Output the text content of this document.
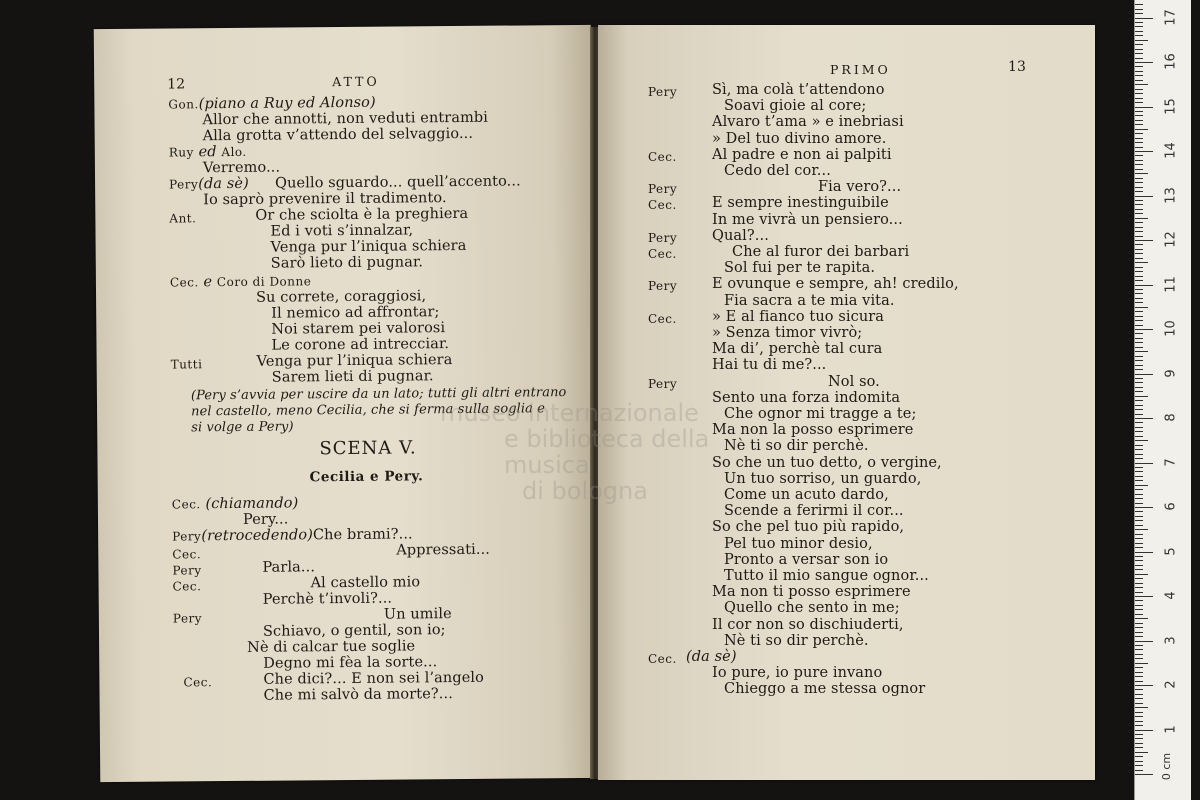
12	ATTO
Gon.(piano a Ruy ed Alonso)
Allor che annotti, non veduti entrambi
Alla grotta v’attendo del selvaggio...
Ruy ed Alo.
Verremo...
Pery(da sè) Quello sguardo... quell’accento...
Io saprò prevenire il tradimento.
Ant.	Or che sciolta è la preghiera
Ed i voti s’innalzar,
Venga pur l’iniqua schiera
Sarò lieto di pugnar.
Cec. e Coro di Donne
Su correte, coraggiosi,
Il nemico ad affrontar;
Noi starem pei valorosi
Le corone ad intrecciar.
Tutti	Venga pur l’iniqua schiera
Sarem lieti di pugnar.
(Pery s’avvia per uscire da un lato; tutti gli altri entrano
nel castello, meno Cecilia, che si ferma sulla soglia e
si volge a Pery)
SCENA V.
Cecilia e Pery.
Cec. (chiamando)
Pery...
Pery(retrocedendo)Che brami?...
Cec.	Appressati...
Pery	Parla...
Cec.	Al castello mio
Perchè t’involi?...
Pery	Un umile
Schiavo, o gentil, son io;
Nè di calcar tue soglie
Degno mi fèa la sorte...
Cec.	Che dici?... E non sei l’angelo
Che mi salvò da morte?...
PRIMO	13
Pery Sì, ma colà t’attendono
Soavi gioie al core;
Alvaro t’ama » e inebriasi
» Del tuo divino amore.
Cec. Al padre e non ai palpiti
Cedo del cor...
Pery	Fia vero?...
Cec. E sempre inestinguibile
In me vivrà un pensiero...
Pery Qual?...
Cec.	Che al furor dei barbari
Sol fui per te rapita.
Pery E ovunque e sempre, ah! credilo,
Fia sacra a te mia vita.
Cec. » E al fianco tuo sicura
» Senza timor vivrò;
Ma di’, perchè tal cura
Hai tu di me?...
Pery	Nol so.
Sento una forza indomita
Che ognor mi tragge a te;
Ma non la posso esprimere
Nè ti so dir perchè.
So che un tuo detto, o vergine,
Un tuo sorriso, un guardo,
Come un acuto dardo,
Scende a ferirmi il cor...
So che pel tuo più rapido,
Pel tuo minor desio,
Pronto a versar son io
Tutto il mio sangue ognor...
Ma non ti posso esprimere
Quello che sento in me;
Il cor non so dischiuderti,
Nè ti so dir perchè.
Cec. (da sè)
Io pure, io pure invano
Chieggo a me stessa ognor
museo internazionale
e biblioteca della musica
di bologna
0 cm
1
2
3
4
5
6
7
8
9
10
11
12
13
14
15
16
17
